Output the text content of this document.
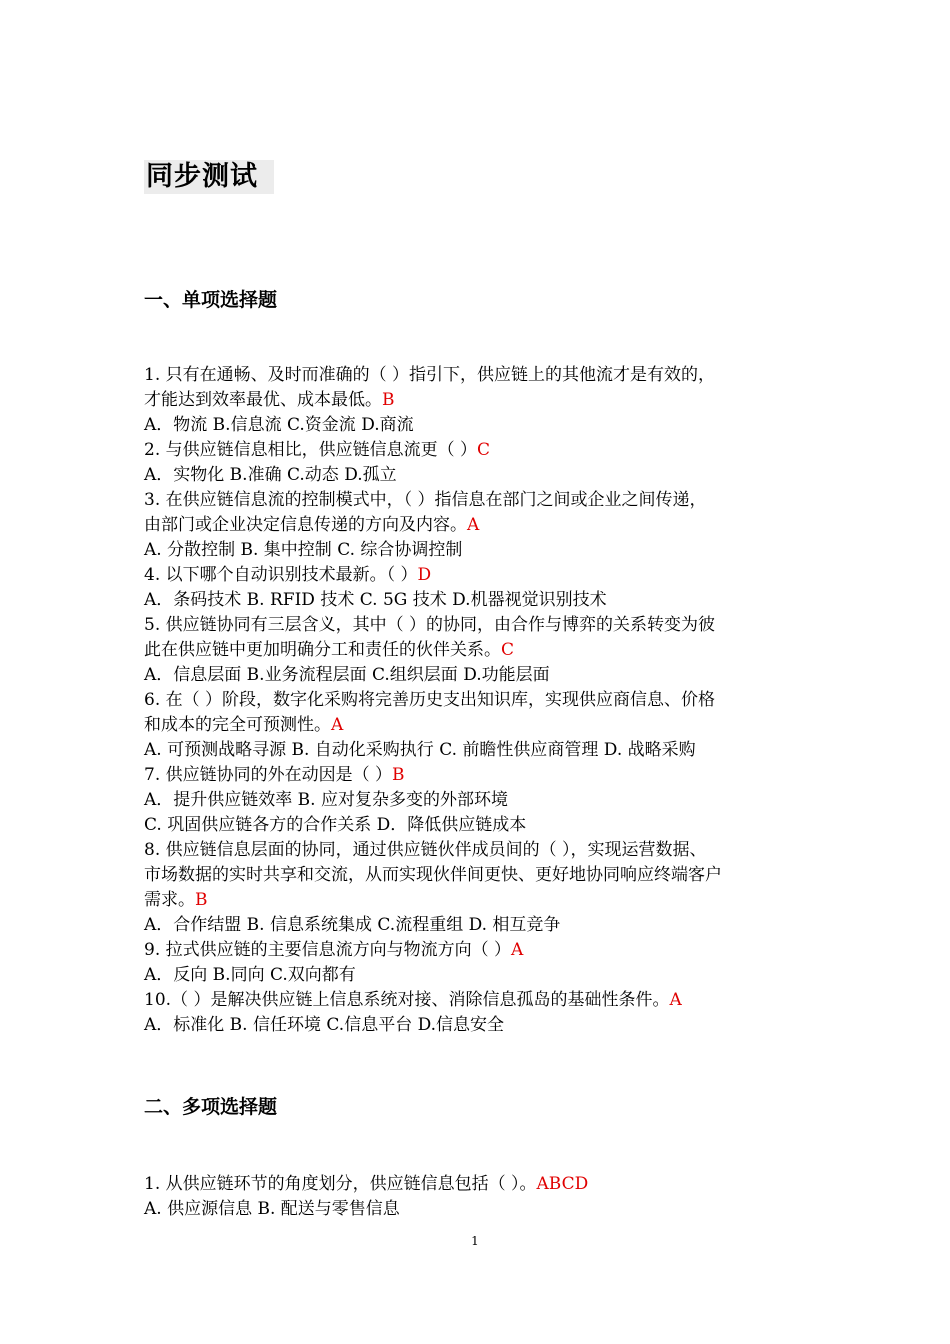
同步测试
一、单项选择题
1. 只有在通畅、及时而准确的（ ）指引下，供应链上的其他流才是有效的，
才能达到效率最优、成本最低。B
A．物流 B.信息流 C.资金流 D.商流
2. 与供应链信息相比，供应链信息流更（ ）C
A．实物化 B.准确 C.动态 D.孤立
3. 在供应链信息流的控制模式中，（ ）指信息在部门之间或企业之间传递，
由部门或企业决定信息传递的方向及内容。A
A. 分散控制 B. 集中控制 C. 综合协调控制
4. 以下哪个自动识别技术最新。（ ）D
A．条码技术 B. RFID 技术 C. 5G 技术 D.机器视觉识别技术
5. 供应链协同有三层含义，其中（ ）的协同，由合作与博弈的关系转变为彼
此在供应链中更加明确分工和责任的伙伴关系。C
A．信息层面 B.业务流程层面 C.组织层面 D.功能层面
6. 在（ ）阶段，数字化采购将完善历史支出知识库，实现供应商信息、价格
和成本的完全可预测性。A
A. 可预测战略寻源 B. 自动化采购执行 C. 前瞻性供应商管理 D. 战略采购
7. 供应链协同的外在动因是（ ）B
A．提升供应链效率 B. 应对复杂多变的外部环境
C. 巩固供应链各方的合作关系 D．降低供应链成本
8. 供应链信息层面的协同，通过供应链伙伴成员间的（ ），实现运营数据、
市场数据的实时共享和交流，从而实现伙伴间更快、更好地协同响应终端客户
需求。B
A．合作结盟 B. 信息系统集成 C.流程重组 D. 相互竞争
9. 拉式供应链的主要信息流方向与物流方向（ ）A
A．反向 B.同向 C.双向都有
10.（ ）是解决供应链上信息系统对接、消除信息孤岛的基础性条件。A
A．标准化 B. 信任环境 C.信息平台 D.信息安全
二、多项选择题
1. 从供应链环节的角度划分，供应链信息包括（ ）。ABCD
A. 供应源信息 B. 配送与零售信息
1
